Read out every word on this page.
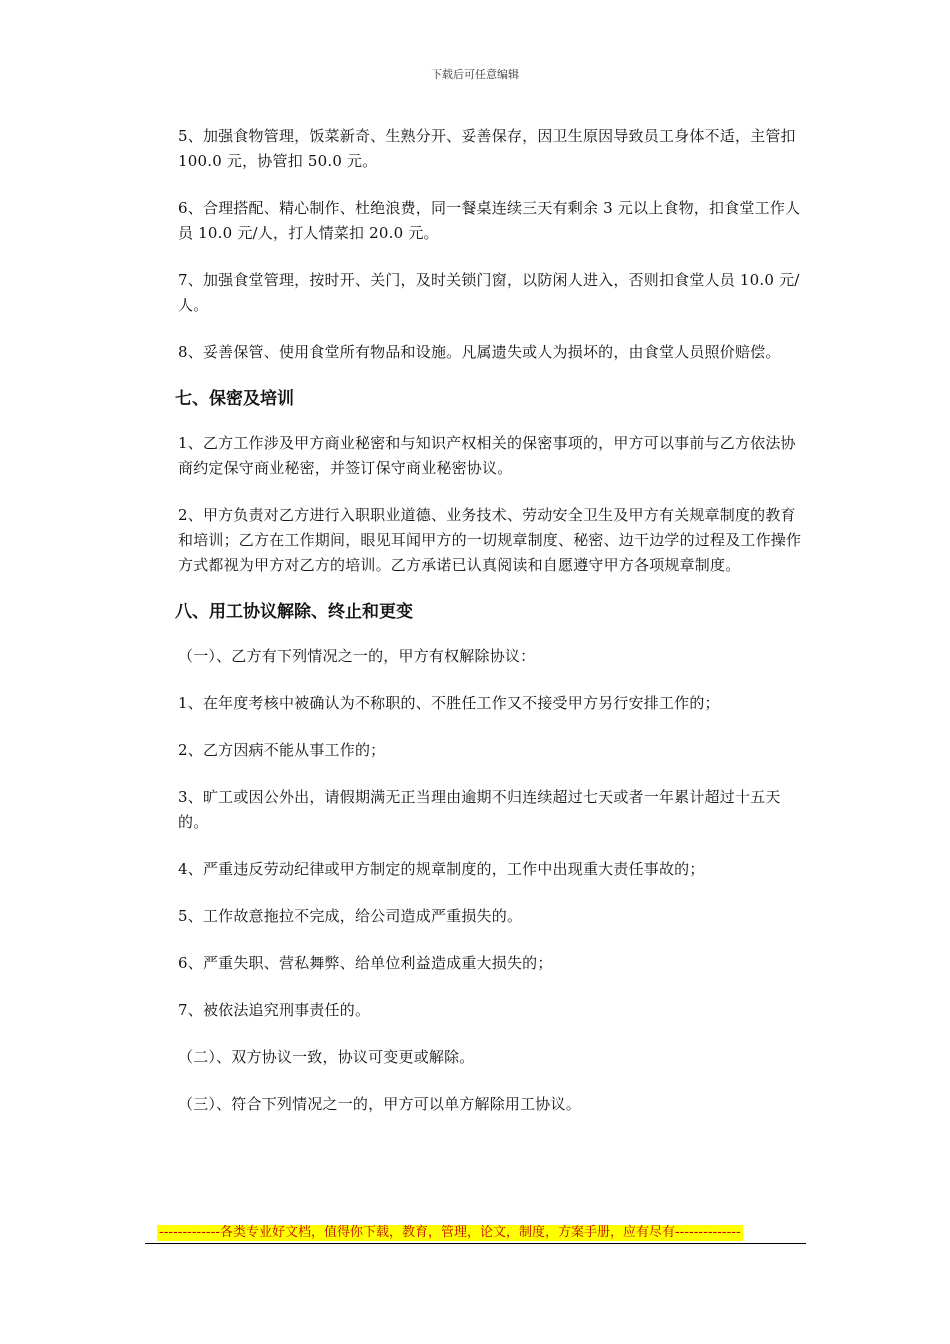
下载后可任意编辑

5、加强食物管理，饭菜新奇、生熟分开、妥善保存，因卫生原因导致员工身体不适，主管扣 100.0 元，协管扣 50.0 元。

6、合理搭配、精心制作、杜绝浪费，同一餐桌连续三天有剩余 3 元以上食物，扣食堂工作人员 10.0 元/人，打人情菜扣 20.0 元。

7、加强食堂管理，按时开、关门，及时关锁门窗，以防闲人进入，否则扣食堂人员 10.0 元/人。

8、妥善保管、使用食堂所有物品和设施。凡属遗失或人为损坏的，由食堂人员照价赔偿。

七、保密及培训

1、乙方工作涉及甲方商业秘密和与知识产权相关的保密事项的，甲方可以事前与乙方依法协商约定保守商业秘密，并签订保守商业秘密协议。

2、甲方负责对乙方进行入职职业道德、业务技术、劳动安全卫生及甲方有关规章制度的教育和培训；乙方在工作期间，眼见耳闻甲方的一切规章制度、秘密、边干边学的过程及工作操作方式都视为甲方对乙方的培训。乙方承诺已认真阅读和自愿遵守甲方各项规章制度。

八、用工协议解除、终止和更变

（一）、乙方有下列情况之一的，甲方有权解除协议：

1、在年度考核中被确认为不称职的、不胜任工作又不接受甲方另行安排工作的；

2、乙方因病不能从事工作的；

3、旷工或因公外出，请假期满无正当理由逾期不归连续超过七天或者一年累计超过十五天的。

4、严重违反劳动纪律或甲方制定的规章制度的，工作中出现重大责任事故的；

5、工作故意拖拉不完成，给公司造成严重损失的。

6、严重失职、营私舞弊、给单位利益造成重大损失的；

7、被依法追究刑事责任的。

（二）、双方协议一致，协议可变更或解除。

（三）、符合下列情况之一的，甲方可以单方解除用工协议。

-------------各类专业好文档，值得你下载，教育，管理，论文，制度，方案手册，应有尽有--------------
